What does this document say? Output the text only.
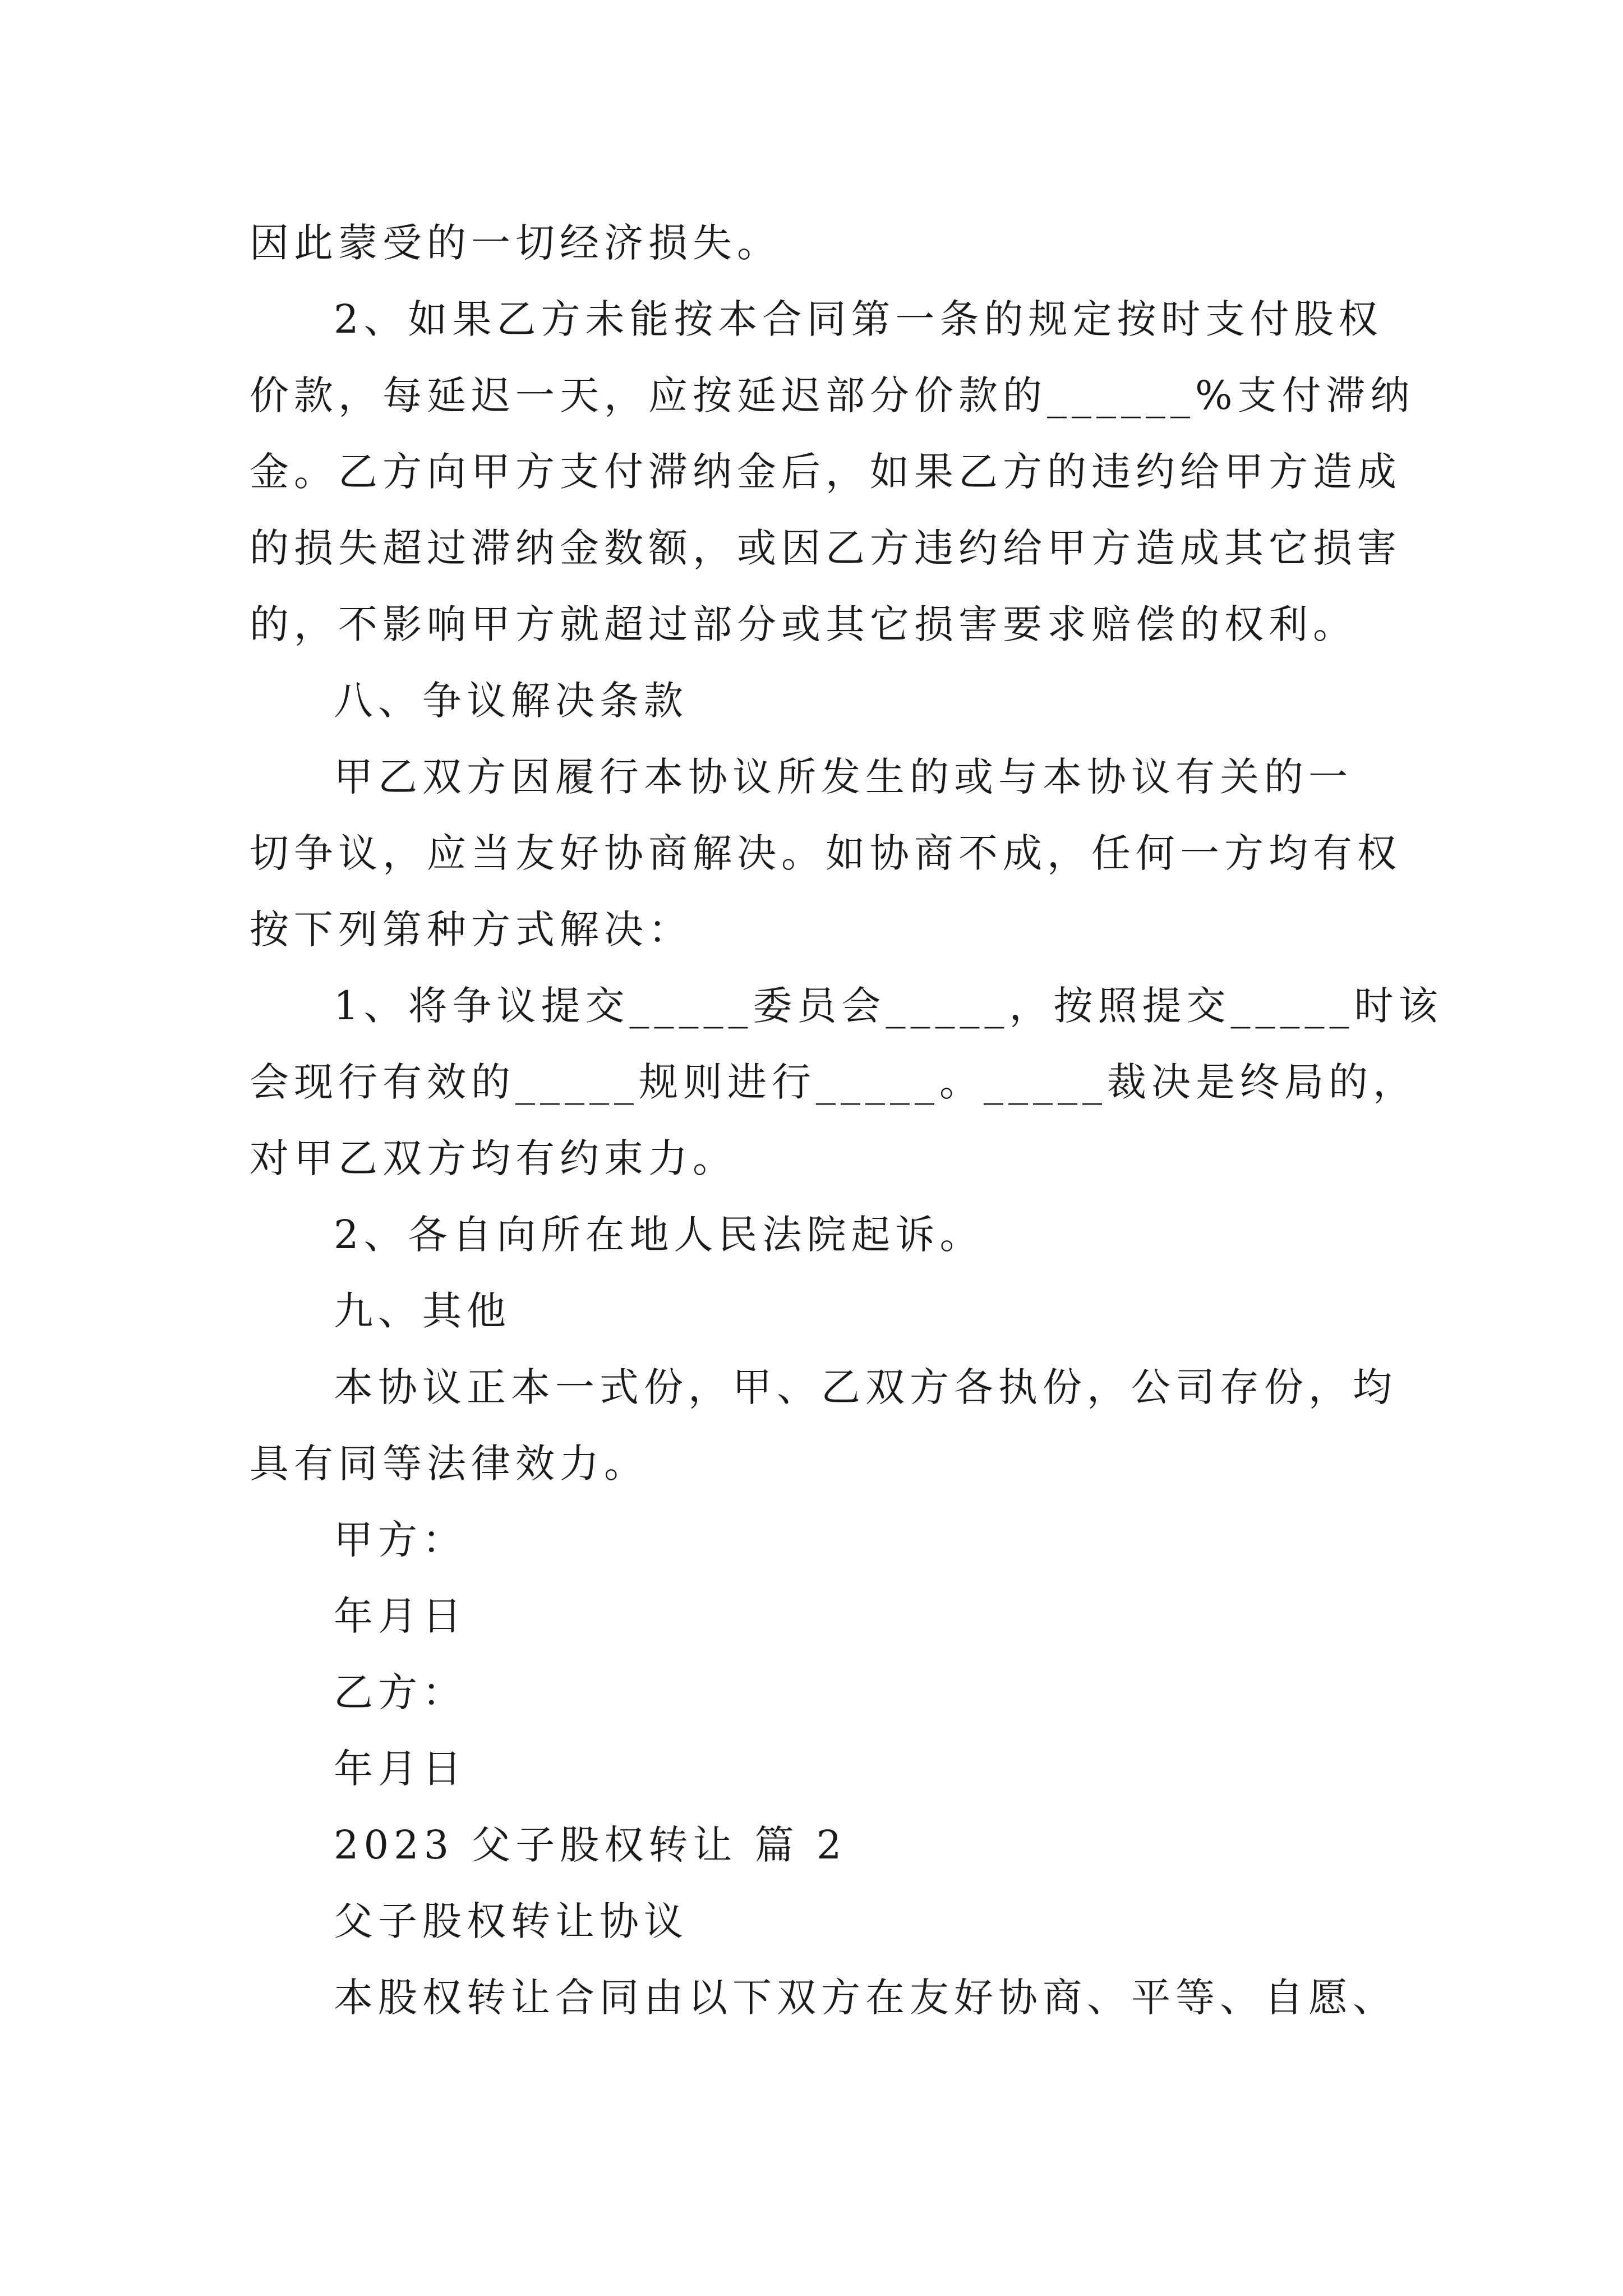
因此蒙受的一切经济损失。
2、如果乙方未能按本合同第一条的规定按时支付股权
价款，每延迟一天，应按延迟部分价款的______%支付滞纳
金。乙方向甲方支付滞纳金后，如果乙方的违约给甲方造成
的损失超过滞纳金数额，或因乙方违约给甲方造成其它损害
的，不影响甲方就超过部分或其它损害要求赔偿的权利。
八、争议解决条款
甲乙双方因履行本协议所发生的或与本协议有关的一
切争议，应当友好协商解决。如协商不成，任何一方均有权
按下列第种方式解决：
1、将争议提交_____委员会_____，按照提交_____时该
会现行有效的_____规则进行_____。_____裁决是终局的，
对甲乙双方均有约束力。
2、各自向所在地人民法院起诉。
九、其他
本协议正本一式份，甲、乙双方各执份，公司存份，均
具有同等法律效力。
甲方：
年月日
乙方：
年月日
2023 父子股权转让 篇 2
父子股权转让协议
本股权转让合同由以下双方在友好协商、平等、自愿、
